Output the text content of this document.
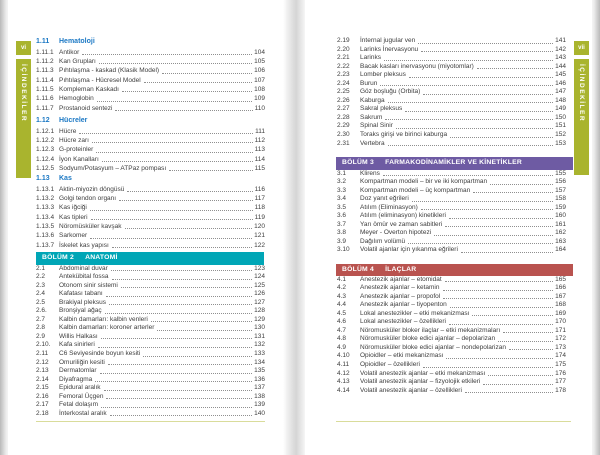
vi
İÇİNDEKİLER
1.11	Hematoloji
1.11.1 Antikor	104
1.11.2 Kan Grupları	105
1.11.3 Pıhtılaşma - kaskad (Klasik Model)	106
1.11.4 Pıhtılaşma - Hücresel Model	107
1.11.5 Kompleman Kaskadı	108
1.11.6 Hemoglobin	109
1.11.7 Prostanoid sentezi	110
1.12	Hücreler
1.12.1 Hücre	111
1.12.2 Hücre zarı	112
1.12.3 G-proteinler	113
1.12.4 İyon Kanalları	114
1.12.5 Sodyum/Potasyum – ATPaz pompası	115
1.13	Kas
1.13.1 Aktin-miyozin döngüsü	116
1.13.2 Golgi tendon organı	117
1.13.3 Kas iğciği	118
1.13.4 Kas tipleri	119
1.13.5 Nöromüsküler kavşak	120
1.13.6 Sarkomer	121
1.13.7 İskelet kas yapısı	122
BÖLÜM 2 ANATOMİ
2.1	Abdominal duvar	123
2.2	Antekübital fossa	124
2.3	Otonom sinir sistemi	125
2.4	Kafatası tabanı	126
2.5	Brakiyal pleksus	127
2.6.	Bronşiyal ağaç	128
2.7	Kalbin damarları: kalbin venleri	129
2.8	Kalbin damarları: koroner arterler	130
2.9	Willis Halkası	131
2.10.	Kafa sinirleri	132
2.11	C6 Seviyesinde boyun kesiti	133
2.12	Omuriliğin kesiti	134
2.13	Dermatomlar	135
2.14	Diyafragma	136
2.15	Epidural aralık	137
2.16	Femoral Üçgen	138
2.17	Fetal dolaşım	139
2.18	İnterkostal aralık	140
vii
İÇİNDEKİLER
2.19	İnternal jugular ven	141
2.20	Larinks İnervasyonu	142
2.21	Larinks	143
2.22	Bacak kasları inervasyonu (miyotomlar)	144
2.23	Lomber pleksus	145
2.24	Burun	146
2.25	Göz boşluğu (Orbita)	147
2.26	Kaburga	148
2.27	Sakral pleksus	149
2.28	Sakrum	150
2.29	Spinal Sinir	151
2.30	Toraks girişi ve birinci kaburga	152
2.31	Vertebra	153
BÖLÜM 3 FARMAKODİNAMİKLER VE KİNETİKLER
3.1	Klirens	155
3.2	Kompartman modeli – bir ve iki kompartman	156
3.3	Kompartman modeli – üç kompartman	157
3.4	Doz yanıt eğrileri	158
3.5	Atılım (Eliminasyon)	159
3.6	Atılım (eliminasyon) kinetikleri	160
3.7	Yarı ömür ve zaman sabitleri	161
3.8	Meyer - Overton hipotezi	162
3.9	Dağılım volümü	163
3.10	Volatil ajanlar için yıkanma eğrileri	164
BÖLÜM 4 İLAÇLAR
4.1	Anestezik ajanlar – etomidat	165
4.2	Anestezik ajanlar – ketamin	166
4.3	Anestezik ajanlar – propofol	167
4.4	Anestezik ajanlar – tiyopenton	168
4.5	Lokal anestezikler – etki mekanizması	169
4.6	Lokal anestezikler – özellikleri	170
4.7	Nöromusküler bloker ilaçlar – etki mekanizmaları	171
4.8	Nöromusküler bloke edici ajanlar – depolarizan	172
4.9	Nöromusküler bloke edici ajanlar – nondepolarizan	173
4.10	Opioidler – etki mekanizması	174
4.11	Opioidler – özellikleri	175
4.12	Volatil anestezik ajanlar – etki mekanizması	176
4.13	Volatil anestezik ajanlar – fizyolojik etkileri	177
4.14	Volatil anestezik ajanlar – özellikleri	178
